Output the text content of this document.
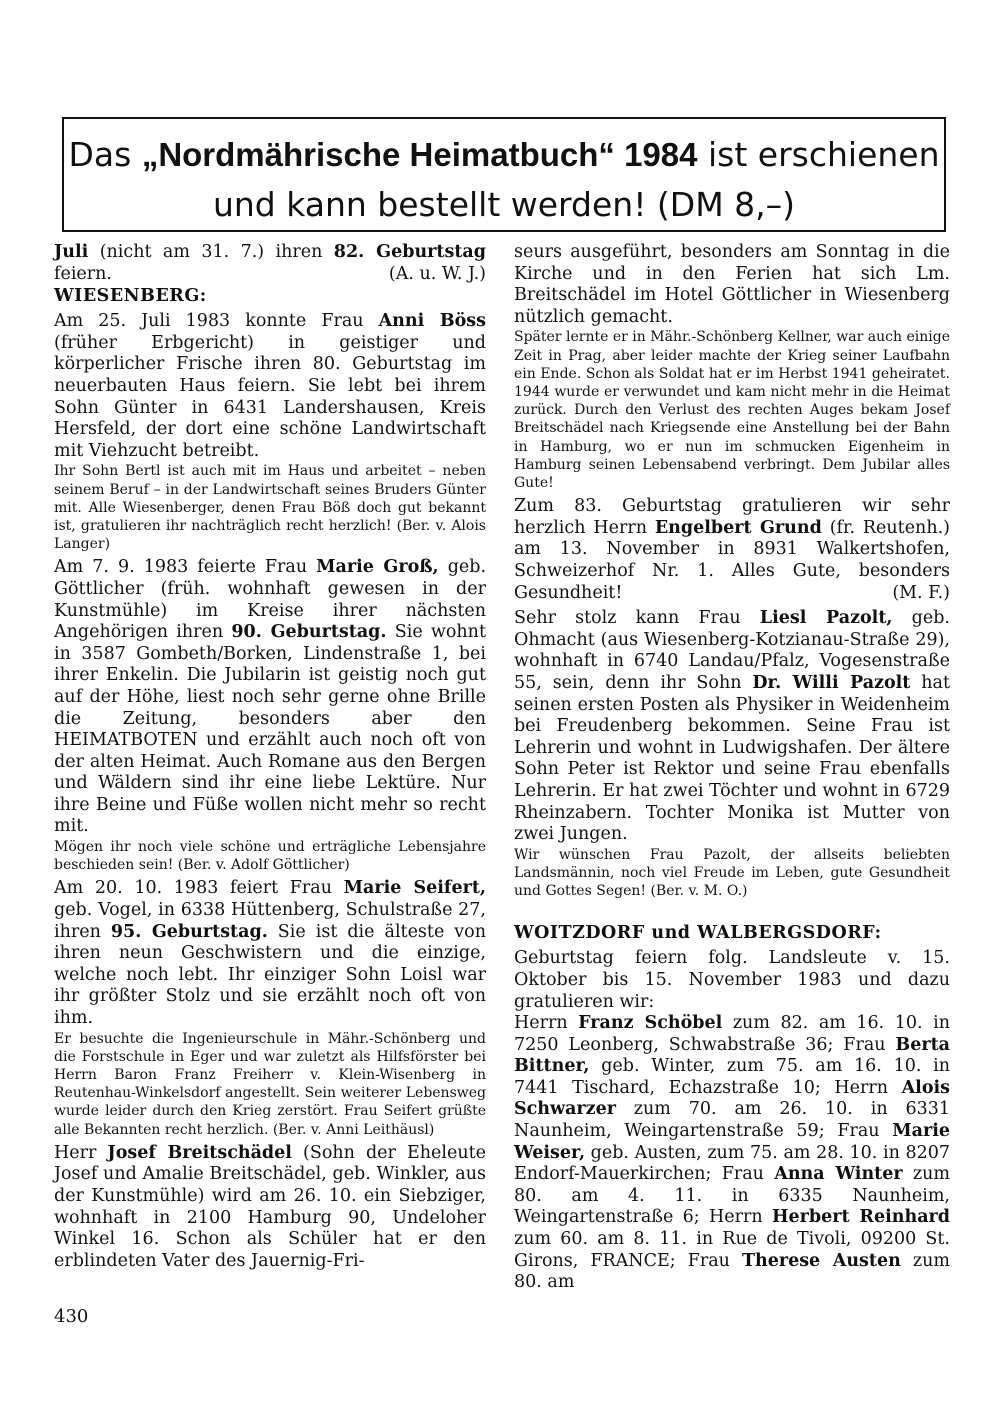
Das „Nordmährische Heimatbuch“ 1984 ist erschienen
und kann bestellt werden! (DM 8,–)

Juli (nicht am 31. 7.) ihren 82. Geburtstag feiern.	(A. u. W. J.)

WIESENBERG:

Am 25. Juli 1983 konnte Frau Anni Böss (früher Erbgericht) in geistiger und körperlicher Frische ihren 80. Geburtstag im neuerbauten Haus feiern. Sie lebt bei ihrem Sohn Günter in 6431 Landershausen, Kreis Hersfeld, der dort eine schöne Landwirtschaft mit Viehzucht betreibt.

Ihr Sohn Bertl ist auch mit im Haus und arbeitet – neben seinem Beruf – in der Landwirtschaft seines Bruders Günter mit. Alle Wiesenberger, denen Frau Böß doch gut bekannt ist, gratulieren ihr nachträglich recht herzlich! (Ber. v. Alois Langer)

Am 7. 9. 1983 feierte Frau Marie Groß, geb. Göttlicher (früh. wohnhaft gewesen in der Kunstmühle) im Kreise ihrer nächsten Angehörigen ihren 90. Geburtstag. Sie wohnt in 3587 Gombeth/Borken, Lindenstraße 1, bei ihrer Enkelin. Die Jubilarin ist geistig noch gut auf der Höhe, liest noch sehr gerne ohne Brille die Zeitung, besonders aber den HEIMATBOTEN und erzählt auch noch oft von der alten Heimat. Auch Romane aus den Bergen und Wäldern sind ihr eine liebe Lektüre. Nur ihre Beine und Füße wollen nicht mehr so recht mit.

Mögen ihr noch viele schöne und erträgliche Lebensjahre beschieden sein! (Ber. v. Adolf Göttlicher)

Am 20. 10. 1983 feiert Frau Marie Seifert, geb. Vogel, in 6338 Hüttenberg, Schulstraße 27, ihren 95. Geburtstag. Sie ist die älteste von ihren neun Geschwistern und die einzige, welche noch lebt. Ihr einziger Sohn Loisl war ihr größter Stolz und sie erzählt noch oft von ihm.

Er besuchte die Ingenieurschule in Mähr.-Schönberg und die Forstschule in Eger und war zuletzt als Hilfsförster bei Herrn Baron Franz Freiherr v. Klein-Wisenberg in Reutenhau-Winkelsdorf angestellt. Sein weiterer Lebensweg wurde leider durch den Krieg zerstört. Frau Seifert grüßte alle Bekannten recht herzlich. (Ber. v. Anni Leithäusl)

Herr Josef Breitschädel (Sohn der Eheleute Josef und Amalie Breitschädel, geb. Winkler, aus der Kunstmühle) wird am 26. 10. ein Siebziger, wohnhaft in 2100 Hamburg 90, Undeloher Winkel 16. Schon als Schüler hat er den erblindeten Vater des Jauernig-Fri-

seurs ausgeführt, besonders am Sonntag in die Kirche und in den Ferien hat sich Lm. Breitschädel im Hotel Göttlicher in Wiesenberg nützlich gemacht.

Später lernte er in Mähr.-Schönberg Kellner, war auch einige Zeit in Prag, aber leider machte der Krieg seiner Laufbahn ein Ende. Schon als Soldat hat er im Herbst 1941 geheiratet. 1944 wurde er verwundet und kam nicht mehr in die Heimat zurück. Durch den Verlust des rechten Auges bekam Josef Breitschädel nach Kriegsende eine Anstellung bei der Bahn in Hamburg, wo er nun im schmucken Eigenheim in Hamburg seinen Lebensabend verbringt. Dem Jubilar alles Gute!

Zum 83. Geburtstag gratulieren wir sehr herzlich Herrn Engelbert Grund (fr. Reutenh.) am 13. November in 8931 Walkertshofen, Schweizerhof Nr. 1. Alles Gute, besonders Gesundheit!	(M. F.)

Sehr stolz kann Frau Liesl Pazolt, geb. Ohmacht (aus Wiesenberg-Kotzianau-Straße 29), wohnhaft in 6740 Landau/Pfalz, Vogesenstraße 55, sein, denn ihr Sohn Dr. Willi Pazolt hat seinen ersten Posten als Physiker in Weidenheim bei Freudenberg bekommen. Seine Frau ist Lehrerin und wohnt in Ludwigshafen. Der ältere Sohn Peter ist Rektor und seine Frau ebenfalls Lehrerin. Er hat zwei Töchter und wohnt in 6729 Rheinzabern. Tochter Monika ist Mutter von zwei Jungen.

Wir wünschen Frau Pazolt, der allseits beliebten Landsmännin, noch viel Freude im Leben, gute Gesundheit und Gottes Segen! (Ber. v. M. O.)

WOITZDORF und WALBERGSDORF:

Geburtstag feiern folg. Landsleute v. 15. Oktober bis 15. November 1983 und dazu gratulieren wir:

Herrn Franz Schöbel zum 82. am 16. 10. in 7250 Leonberg, Schwabstraße 36; Frau Berta Bittner, geb. Winter, zum 75. am 16. 10. in 7441 Tischard, Echazstraße 10; Herrn Alois Schwarzer zum 70. am 26. 10. in 6331 Naunheim, Weingartenstraße 59; Frau Marie Weiser, geb. Austen, zum 75. am 28. 10. in 8207 Endorf-Mauerkirchen; Frau Anna Winter zum 80. am 4. 11. in 6335 Naunheim, Weingartenstraße 6; Herrn Herbert Reinhard zum 60. am 8. 11. in Rue de Tivoli, 09200 St. Girons, FRANCE; Frau Therese Austen zum 80. am

430
